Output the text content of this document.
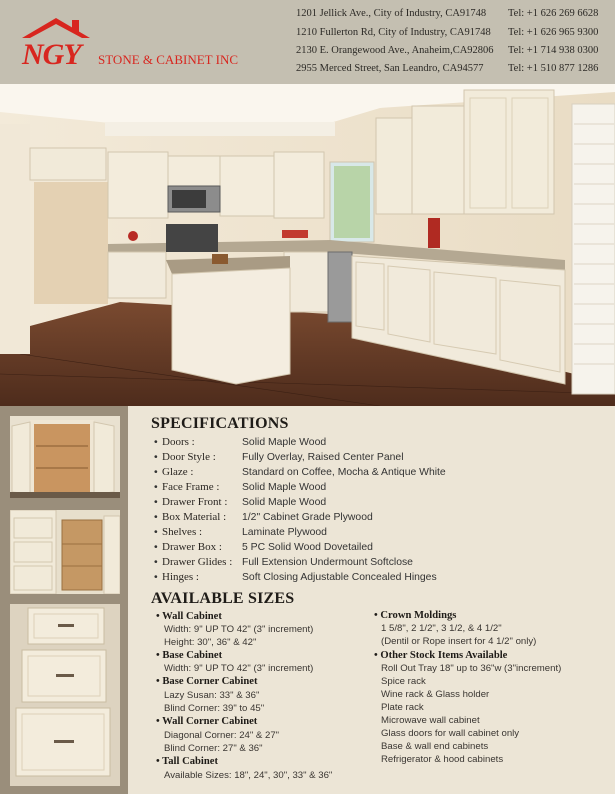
NGY STONE & CABINET INC
1201 Jellick Ave., City of Industry, CA91748 Tel: +1 626 269 6628
1210 Fullerton Rd, City of Industry, CA91748 Tel: +1 626 965 9300
2130 E. Orangewood Ave., Anaheim,CA92806 Tel: +1 714 938 0300
2955 Merced Street, San Leandro, CA94577 Tel: +1 510 877 1286
SPECIFICATIONS
• Doors :	Solid Maple Wood
• Door Style :	Fully Overlay, Raised Center Panel
• Glaze :	Standard on Coffee, Mocha & Antique White
• Face Frame : Solid Maple Wood
• Drawer Front : Solid Maple Wood
• Box Material : 1/2" Cabinet Grade Plywood
• Shelves :	Laminate Plywood
• Drawer Box : 5 PC Solid Wood Dovetailed
• Drawer Glides : Full Extension Undermount Softclose
• Hinges :	Soft Closing Adjustable Concealed Hinges
AVAILABLE SIZES
• Wall Cabinet
Width: 9" UP TO 42" (3" increment)
Height: 30", 36" & 42"
• Base Cabinet
Width: 9" UP TO 42" (3" increment)
• Base Corner Cabinet
Lazy Susan: 33" & 36"
Blind Corner: 39" to 45"
• Wall Corner Cabinet
Diagonal Corner: 24" & 27"
Blind Corner: 27" & 36"
• Tall Cabinet
Available Sizes: 18", 24", 30", 33" & 36"
• Crown Moldings
1 5/8", 2 1/2", 3 1/2, & 4 1/2"
(Dentil or Rope insert for 4 1/2" only)
• Other Stock Items Available
Roll Out Tray 18" up to 36"w (3"increment)
Spice rack
Wine rack & Glass holder
Plate rack
Microwave wall cabinet
Glass doors for wall cabinet only
Base & wall end cabinets
Refrigerator & hood cabinets
